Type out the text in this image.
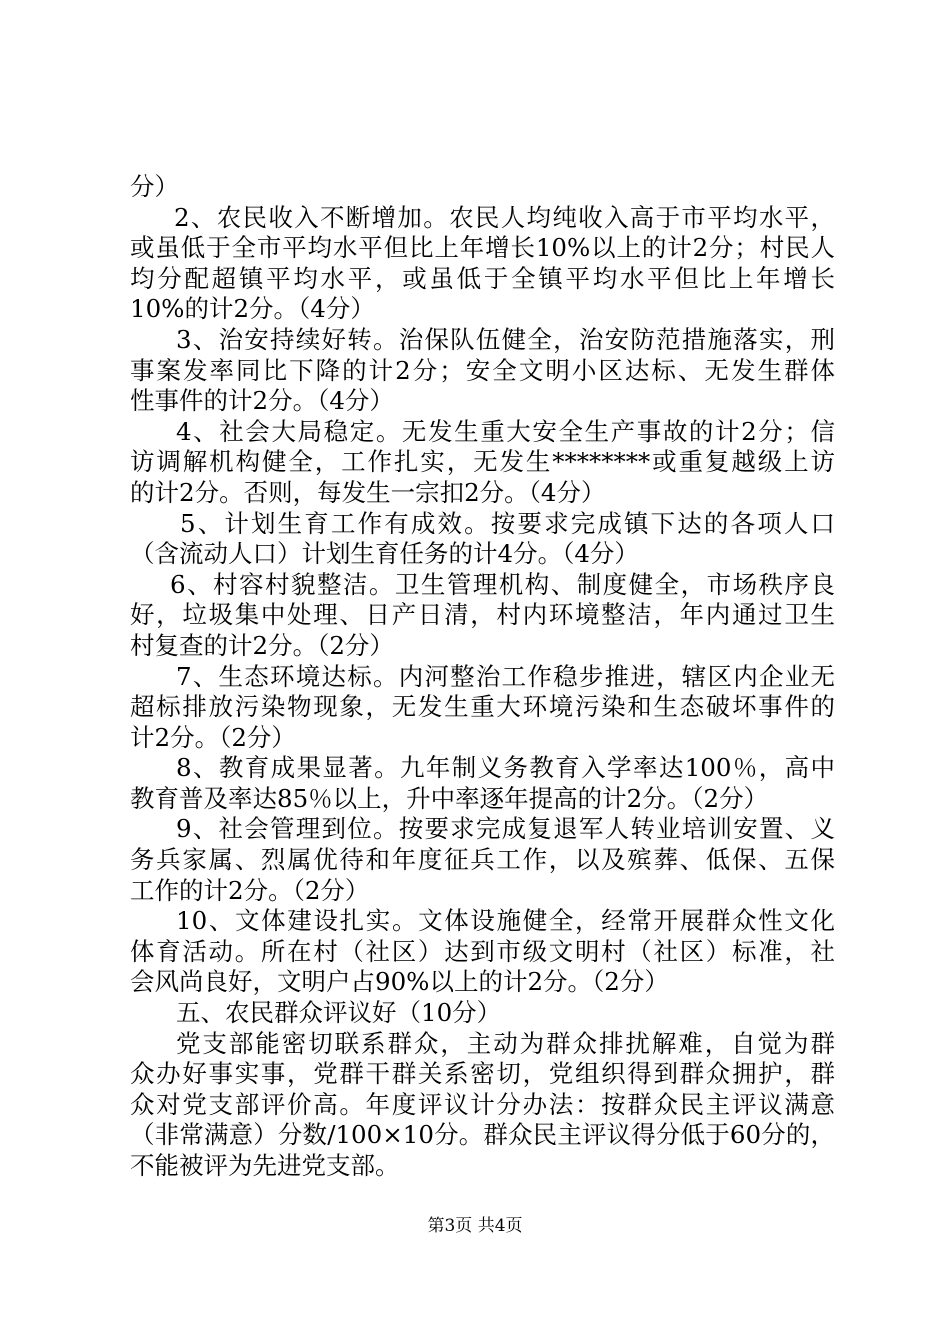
分）
2、农民收入不断增加。农民人均纯收入高于市平均水平，
或虽低于全市平均水平但比上年增长10%以上的计2分；村民人
均分配超镇平均水平，或虽低于全镇平均水平但比上年增长
10%的计2分。（4分）
3、治安持续好转。治保队伍健全，治安防范措施落实，刑
事案发率同比下降的计2分；安全文明小区达标、无发生群体
性事件的计2分。（4分）
4、社会大局稳定。无发生重大安全生产事故的计2分；信
访调解机构健全，工作扎实，无发生********或重复越级上访
的计2分。否则，每发生一宗扣2分。（4分）
5、计划生育工作有成效。按要求完成镇下达的各项人口
（含流动人口）计划生育任务的计4分。（4分）
6、村容村貌整洁。卫生管理机构、制度健全，市场秩序良
好，垃圾集中处理、日产日清，村内环境整洁，年内通过卫生
村复查的计2分。（2分）
7、生态环境达标。内河整治工作稳步推进，辖区内企业无
超标排放污染物现象，无发生重大环境污染和生态破坏事件的
计2分。（2分）
8、教育成果显著。九年制义务教育入学率达100％，高中
教育普及率达85％以上，升中率逐年提高的计2分。（2分）
9、社会管理到位。按要求完成复退军人转业培训安置、义
务兵家属、烈属优待和年度征兵工作，以及殡葬、低保、五保
工作的计2分。（2分）
10、文体建设扎实。文体设施健全，经常开展群众性文化
体育活动。所在村（社区）达到市级文明村（社区）标准，社
会风尚良好，文明户占90%以上的计2分。（2分）
五、农民群众评议好（10分）
党支部能密切联系群众，主动为群众排扰解难，自觉为群
众办好事实事，党群干群关系密切，党组织得到群众拥护，群
众对党支部评价高。年度评议计分办法：按群众民主评议满意
（非常满意）分数/100×10分。群众民主评议得分低于60分的，
不能被评为先进党支部。
第3页 共4页
